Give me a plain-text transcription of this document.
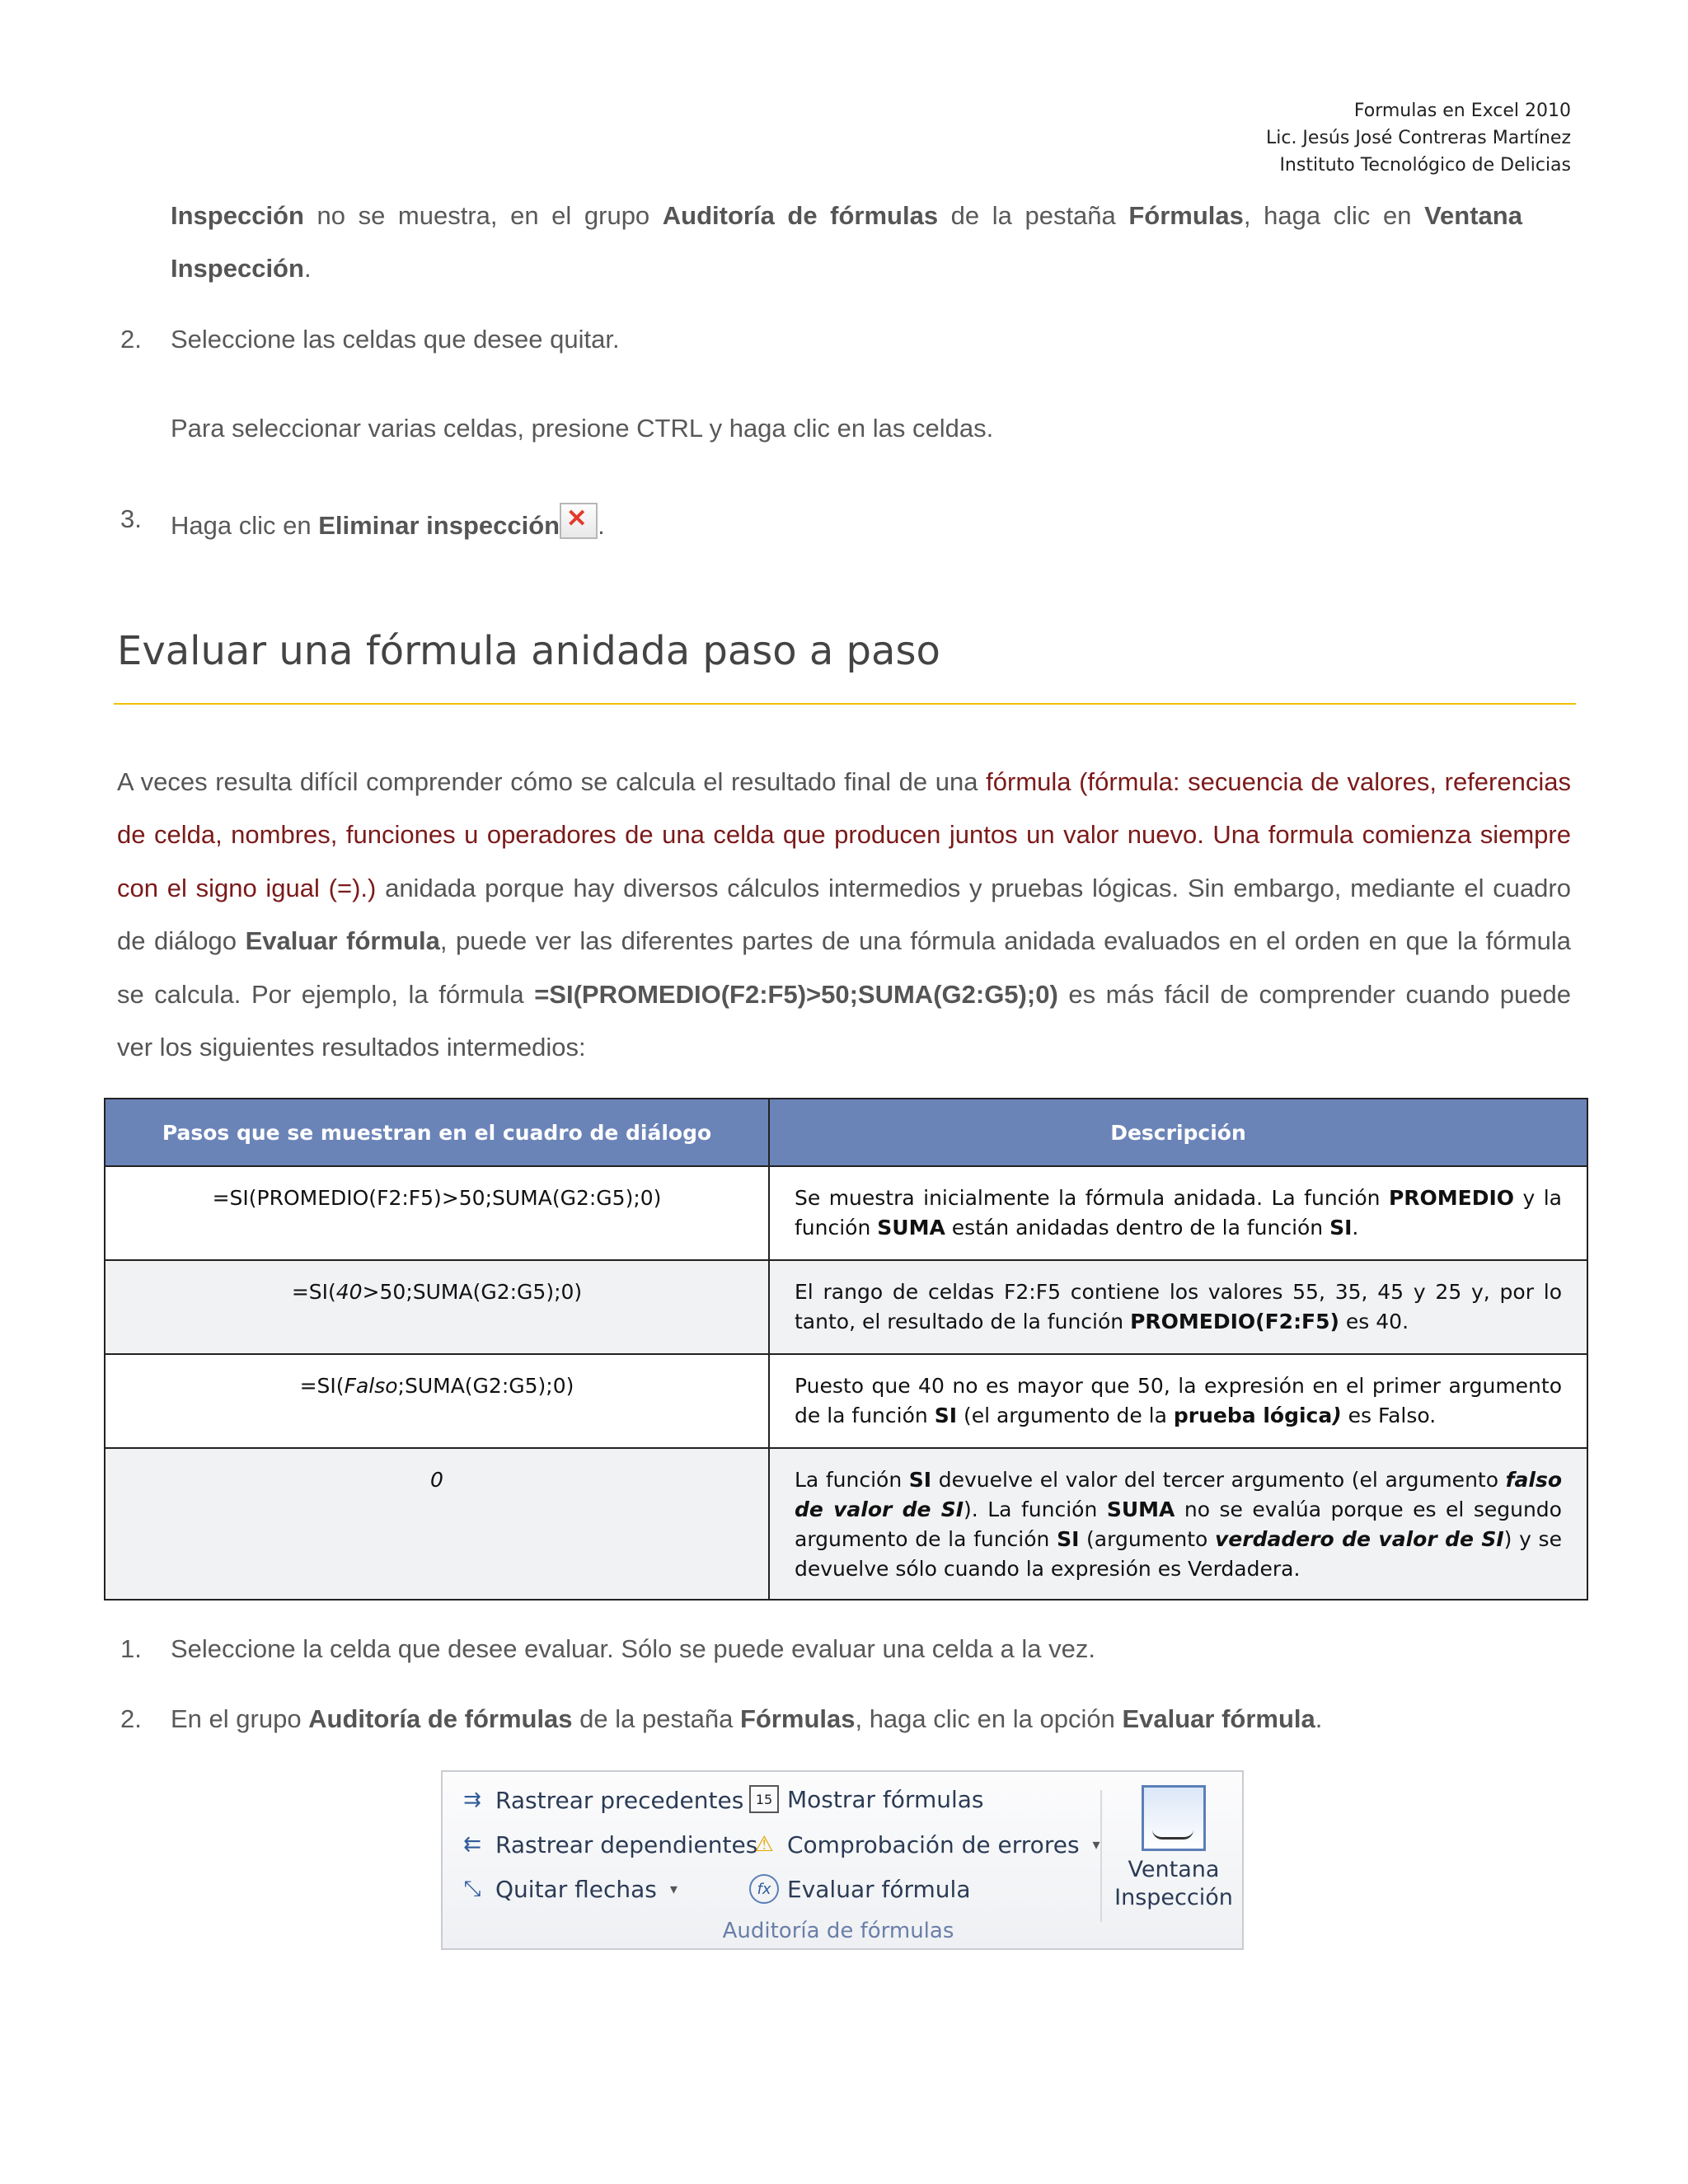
Formulas en Excel 2010
Lic. Jesús José Contreras Martínez
Instituto Tecnológico de Delicias
Inspección no se muestra, en el grupo Auditoría de fórmulas de la pestaña Fórmulas, haga clic en Ventana Inspección.
2. Seleccione las celdas que desee quitar.
Para seleccionar varias celdas, presione CTRL y haga clic en las celdas.
3. Haga clic en Eliminar inspección ✕ .
Evaluar una fórmula anidada paso a paso
A veces resulta difícil comprender cómo se calcula el resultado final de una fórmula (fórmula: secuencia de valores, referencias de celda, nombres, funciones u operadores de una celda que producen juntos un valor nuevo. Una formula comienza siempre con el signo igual (=).) anidada porque hay diversos cálculos intermedios y pruebas lógicas. Sin embargo, mediante el cuadro de diálogo Evaluar fórmula, puede ver las diferentes partes de una fórmula anidada evaluados en el orden en que la fórmula se calcula. Por ejemplo, la fórmula =SI(PROMEDIO(F2:F5)>50;SUMA(G2:G5);0) es más fácil de comprender cuando puede ver los siguientes resultados intermedios:
Pasos que se muestran en el cuadro de diálogo	Descripción
=SI(PROMEDIO(F2:F5)>50;SUMA(G2:G5);0)	Se muestra inicialmente la fórmula anidada. La función PROMEDIO y la función SUMA están anidadas dentro de la función SI.
=SI(40>50;SUMA(G2:G5);0)	El rango de celdas F2:F5 contiene los valores 55, 35, 45 y 25 y, por lo tanto, el resultado de la función PROMEDIO(F2:F5) es 40.
=SI(Falso;SUMA(G2:G5);0)	Puesto que 40 no es mayor que 50, la expresión en el primer argumento de la función SI (el argumento de la prueba lógica) es Falso.
0	La función SI devuelve el valor del tercer argumento (el argumento falso de valor de SI). La función SUMA no se evalúa porque es el segundo argumento de la función SI (argumento verdadero de valor de SI) y se devuelve sólo cuando la expresión es Verdadera.
1. Seleccione la celda que desee evaluar. Sólo se puede evaluar una celda a la vez.
2. En el grupo Auditoría de fórmulas de la pestaña Fórmulas, haga clic en la opción Evaluar fórmula.
⇉ Rastrear precedentes
⇇ Rastrear dependientes
⤡ Quitar flechas ▾
15 Mostrar fórmulas
⚠ Comprobación de errores ▾
fx Evaluar fórmula
Ventana
Inspección
Auditoría de fórmulas
